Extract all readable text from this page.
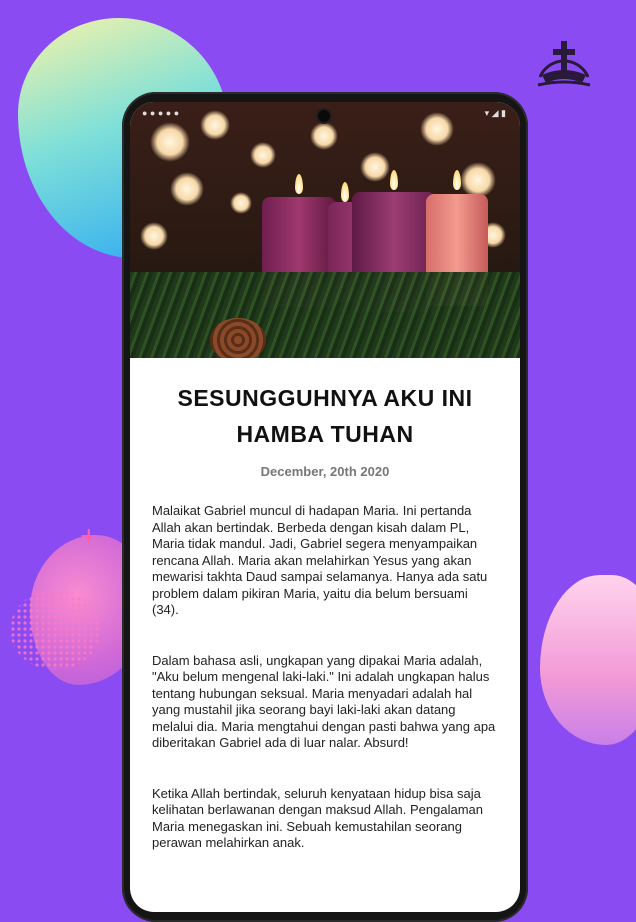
+
● ● ● ● ●	▾ ◢ ▮
SESUNGGUHNYA AKU INI HAMBA TUHAN
December, 20th 2020

Malaikat Gabriel muncul di hadapan Maria. Ini pertanda Allah akan bertindak. Berbeda dengan kisah dalam PL, Maria tidak mandul. Jadi, Gabriel segera menyampaikan rencana Allah. Maria akan melahirkan Yesus yang akan mewarisi takhta Daud sampai selamanya. Hanya ada satu problem dalam pikiran Maria, yaitu dia belum bersuami (34).

Dalam bahasa asli, ungkapan yang dipakai Maria adalah, "Aku belum mengenal laki-laki." Ini adalah ungkapan halus tentang hubungan seksual. Maria menyadari adalah hal yang mustahil jika seorang bayi laki-laki akan datang melalui dia. Maria mengtahui dengan pasti bahwa yang apa diberitakan Gabriel ada di luar nalar. Absurd!

Ketika Allah bertindak, seluruh kenyataan hidup bisa saja kelihatan berlawanan dengan maksud Allah. Pengalaman Maria menegaskan ini. Sebuah kemustahilan seorang perawan melahirkan anak.
